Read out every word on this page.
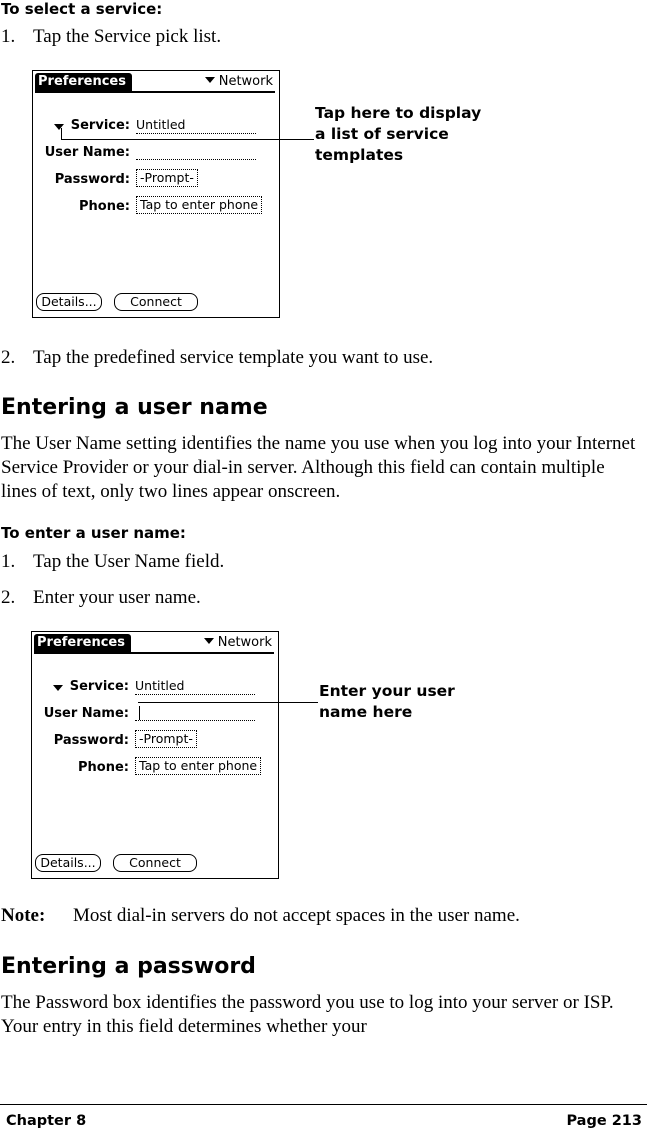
To select a service:
1. Tap the Service pick list.
Preferences	Network
Service: Untitled
User Name:
Password: -Prompt-
Phone: Tap to enter phone
Details...	Connect
Tap here to display a list of service templates
2. Tap the predefined service template you want to use.
Entering a user name
The User Name setting identifies the name you use when you log into your Internet Service Provider or your dial-in server. Although this field can contain multiple lines of text, only two lines appear onscreen.
To enter a user name:
1. Tap the User Name field.
2. Enter your user name.
Preferences	Network
Service: Untitled
User Name:
Password: -Prompt-
Phone: Tap to enter phone
Details...	Connect
Enter your user name here
Note: Most dial-in servers do not accept spaces in the user name.
Entering a password
The Password box identifies the password you use to log into your server or ISP. Your entry in this field determines whether your
Chapter 8	Page 213
